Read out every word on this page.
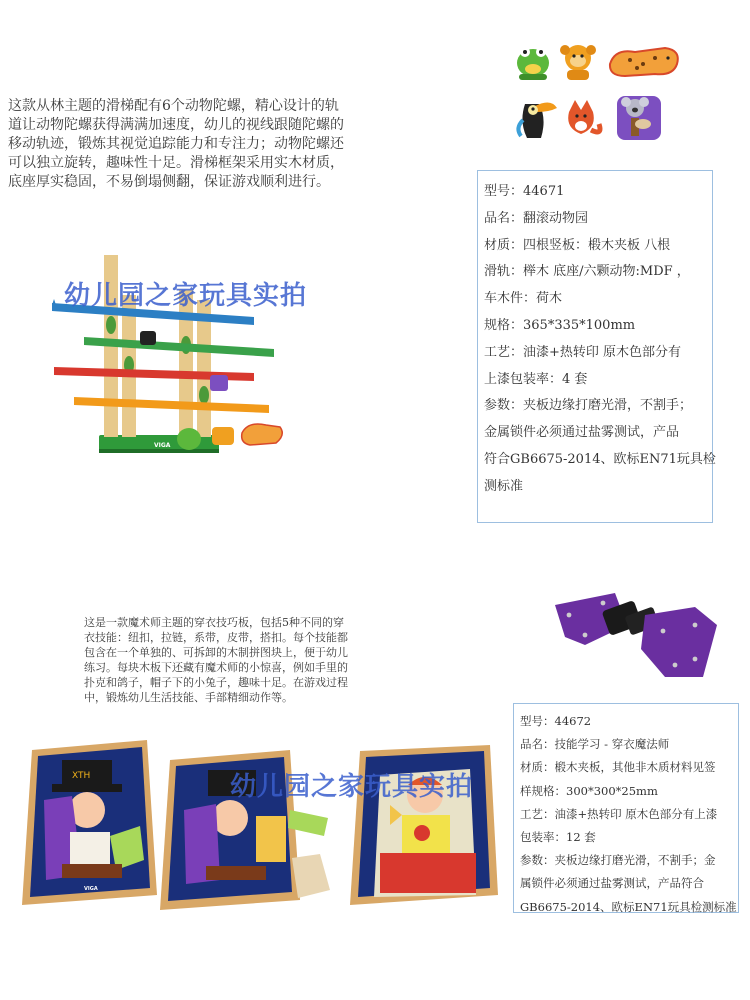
这款从林主题的滑梯配有6个动物陀螺，精心设计的轨
道让动物陀螺获得满满加速度，幼儿的视线跟随陀螺的
移动轨迹，锻炼其视觉追踪能力和专注力；动物陀螺还
可以独立旋转，趣味性十足。滑梯框架采用实木材质，
底座厚实稳固，不易倒塌侧翻，保证游戏顺利进行。
型号：44671
品名：翻滚动物园
材质：四根竖板：椴木夹板 八根
滑轨：榉木 底座/六颗动物:MDF ，
车木件：荷木
规格：365*335*100mm
工艺：油漆+热转印 原木色部分有
上漆包装率：4 套
参数：夹板边缘打磨光滑，不割手；
金属锁件必须通过盐雾测试，产品
符合GB6675-2014、欧标EN71玩具检
测标准
VIGA
幼儿园之家玩具实拍
这是一款魔术师主题的穿衣技巧板，包括5种不同的穿
衣技能：纽扣，拉链，系带，皮带，搭扣。每个技能都
包含在一个单独的、可拆卸的木制拼图块上，便于幼儿
练习。每块木板下还藏有魔术师的小惊喜，例如手里的
扑克和鸽子，帽子下的小兔子，趣味十足。在游戏过程
中，锻炼幼儿生活技能、手部精细动作等。
型号：44672
品名：技能学习 - 穿衣魔法师
材质：椴木夹板，其他非木质材料见签
样规格：300*300*25mm
工艺：油漆+热转印 原木色部分有上漆
包装率：12 套
参数：夹板边缘打磨光滑，不割手；金
属锁件必须通过盐雾测试，产品符合
GB6675-2014、欧标EN71玩具检测标准
XTH
VIGA
幼儿园之家玩具实拍
